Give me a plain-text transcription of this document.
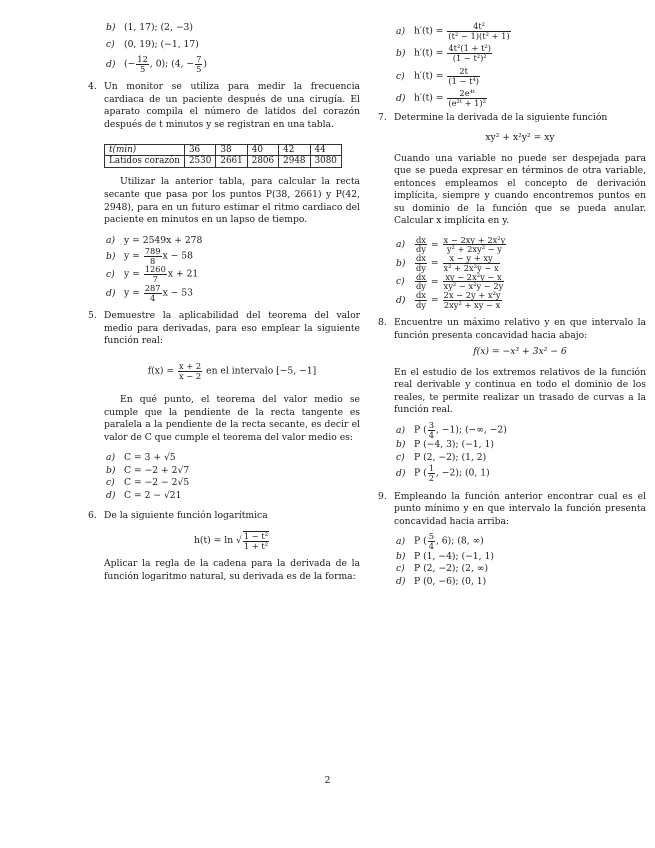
b) (1, 17); (2, −3)
c) (0, 19); (−1, 17)
d) (− $\frac{12}{5}$ , 0); (4, − $\frac{7}{5}$ )
4. Un monitor se utiliza para medir la frecuencia cardiaca de un paciente después de una cirugía. El aparato compila el número de latidos del corazón después de t minutos y se registran en una tabla.

t(min)	36	38	40	42	44
Latidos corazón	2530	2661	2806	2948	3080

Utilizar la anterior tabla, para calcular la recta secante que pasa por los puntos P(38, 2661) y P(42, 2948), para en un futuro estimar el ritmo cardiaco del paciente en minutos en un lapso de tiempo.

a) y = 2549x + 278
b) $y = \frac{789}{8}$ x − 58
c) $y = \frac{1260}{7}$ x + 21
d) $y = \frac{287}{4}$ x − 53
5. Demuestre la aplicabilidad del teorema del valor medio para derivadas, para eso emplear la siguiente función real:

$f(x) = \frac{x + 2}{x - 2}$ en el intervalo [−5, −1]

En qué punto, el teorema del valor medio se cumple que la pendiente de la recta tangente es paralela a la pendiente de la recta secante, es decir el valor de C que cumple el teorema del valor medio es:

a) C = 3 + √5
b) C = −2 + 2√7
c) C = −2 − 2√5
d) C = 2 − √21
6. De la siguiente función logarítmica

h(t) = ln √ $\frac{\text{1 − t²}}{\text{1 + t²}}$

Aplicar la regla de la cadena para la derivada de la función logaritmo natural, su derivada es de la forma:

a) $h'(t) = \frac{\text{4t²}}{\text{(t² − 1)(t² + 1)}}$
b) $h'(t) = \frac{\text{4t²(1 + t²)}}{\text{(1 − t²)²}}$
c) $h'(t) = \frac{2t}{\text{(1 − t⁴)}}$
d) $h'(t) = \frac{\text{2e⁴ᵗ}}{\text{(e²ᵗ + 1)²}}$
7. Determine la derivada de la siguiente función

xy² + x²y² = xy

Cuando una variable no puede ser despejada para que se pueda expresar en términos de otra variable, entonces empleamos el concepto de derivación implícita, siempre y cuando encontremos puntos en su dominio de la función que se pueda anular. Calcular x implícita en y.

$a) \frac{dx}{dy} = \frac{\text{x − 2xy + 2x²y}}{\text{y² + 2xy² − y}}$
$b) \frac{dx}{dy} = \frac{x - y + xy}{\text{x² + 2x²y − x}}$
$c) \frac{dx}{dy} = \frac{\text{xy − 2x²y − x}}{\text{xy² − x²y − 2y}}$
$d) \frac{dx}{dy} = \frac{\text{2x − 2y + x²y}}{\text{2xy² + xy − x}}$
8. Encuentre un máximo relativo y en que intervalo la función presenta concavidad hacia abajo:

f(x) = −x³ + 3x² − 6

En el estudio de los extremos relativos de la función real derivable y continua en todo el dominio de los reales, te permite realizar un trasado de curvas a la función real.

a) P ( $\frac{3}{4}$ , −1); (−∞, −2)
b) P (−4, 3); (−1, 1)
c) P (2, −2); (1, 2)
d) P ( $\frac{1}{2}$ , −2); (0, 1)
9. Empleando la función anterior encontrar cual es el punto mínimo y en que intervalo la función presenta concavidad hacia arriba:

a) P ( $\frac{5}{4}$ , 6); (8, ∞)
b) P (1, −4); (−1, 1)
c) P (2, −2); (2, ∞)
d) P (0, −6); (0, 1)
2
